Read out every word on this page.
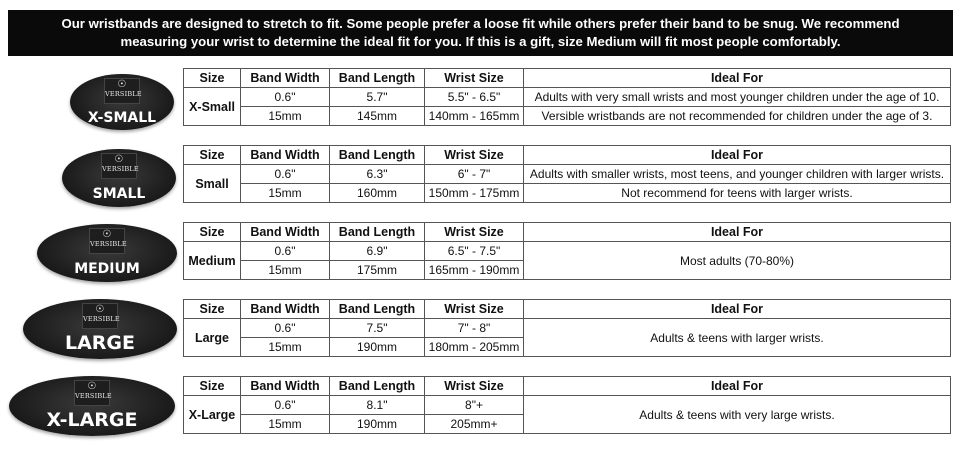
Our wristbands are designed to stretch to fit. Some people prefer a loose fit while others prefer their band to be snug. We recommend
measuring your wrist to determine the ideal fit for you. If this is a gift, size Medium will fit most people comfortably.
☉
VERSIBLE
X-SMALL
Size	Band Width	Band Length	Wrist Size	Ideal For
X-Small	0.6"	5.7"	5.5" - 6.5"	Adults with very small wrists and most younger children under the age of 10.
	15mm	145mm	140mm - 165mm	Versible wristbands are not recommended for children under the age of 3.
☉
VERSIBLE
SMALL
Size	Band Width	Band Length	Wrist Size	Ideal For
Small	0.6"	6.3"	6" - 7"	Adults with smaller wrists, most teens, and younger children with larger wrists.
	15mm	160mm	150mm - 175mm	Not recommend for teens with larger wrists.
☉
VERSIBLE
MEDIUM
Size	Band Width	Band Length	Wrist Size	Ideal For
Medium	0.6"	6.9"	6.5" - 7.5"	Most adults (70-80%)
	15mm	175mm	165mm - 190mm	
☉
VERSIBLE
LARGE
Size	Band Width	Band Length	Wrist Size	Ideal For
Large	0.6"	7.5"	7" - 8"	Adults & teens with larger wrists.
	15mm	190mm	180mm - 205mm	
☉
VERSIBLE
X-LARGE
Size	Band Width	Band Length	Wrist Size	Ideal For
X-Large	0.6"	8.1"	8"+	Adults & teens with very large wrists.
	15mm	190mm	205mm+	
